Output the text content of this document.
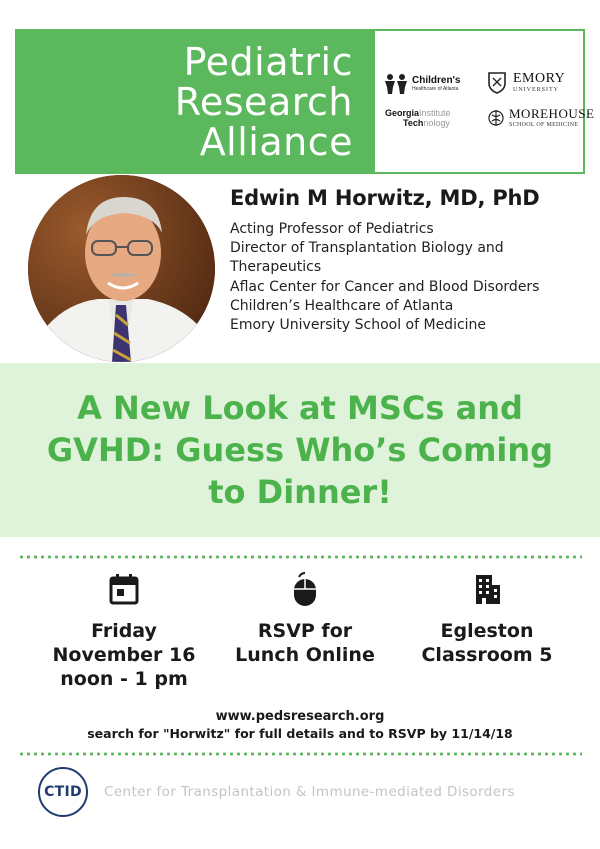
Pediatric
Research
Alliance
Children's
Healthcare of Atlanta
EMORY
UNIVERSITY
GeorgiaInstitute
Technology
MOREHOUSE
SCHOOL OF MEDICINE
Edwin M Horwitz, MD, PhD
Acting Professor of Pediatrics
Director of Transplantation Biology and
Therapeutics
Aflac Center for Cancer and Blood Disorders
Children’s Healthcare of Atlanta
Emory University School of Medicine
A New Look at MSCs and
GVHD: Guess Who’s Coming
to Dinner!
Friday
November 16
noon - 1 pm
RSVP for
Lunch Online
Egleston
Classroom 5
www.pedsresearch.org
search for "Horwitz" for full details and to RSVP by 11/14/18
CTID Center for Transplantation & Immune-mediated Disorders
